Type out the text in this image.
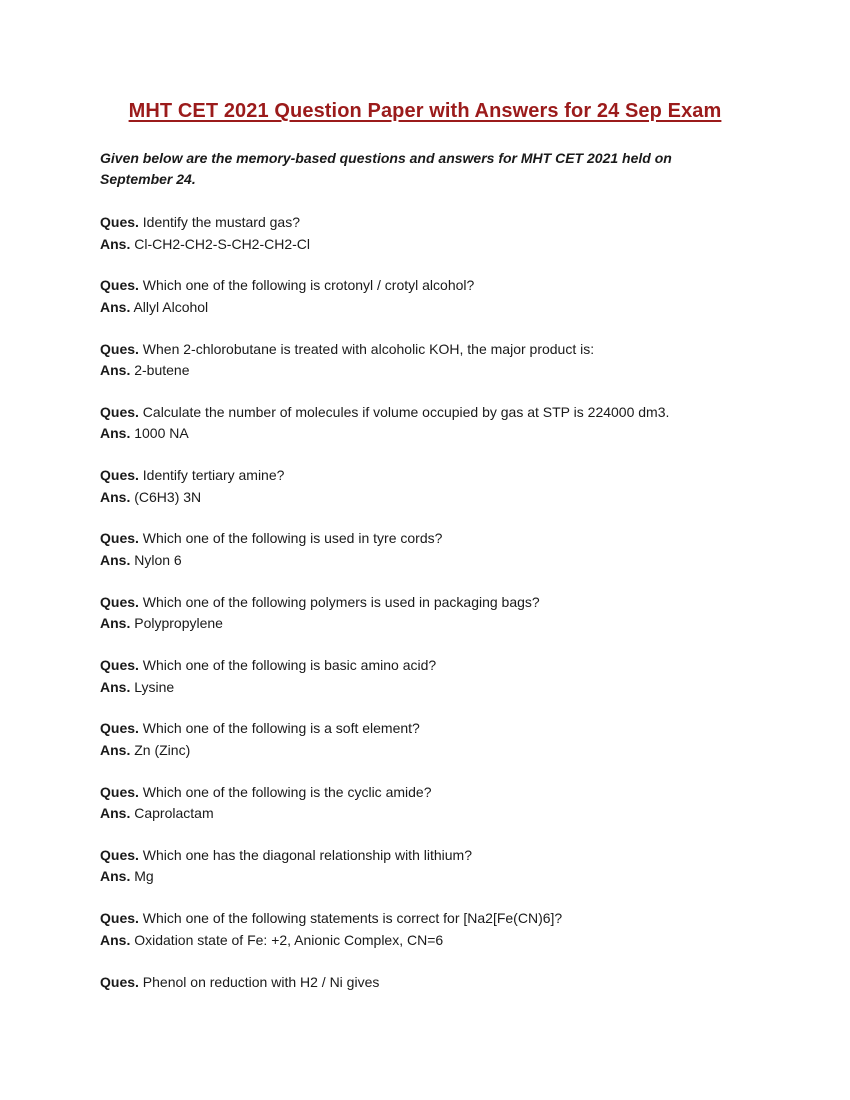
MHT CET 2021 Question Paper with Answers for 24 Sep Exam
Given below are the memory-based questions and answers for MHT CET 2021 held on September 24.
Ques. Identify the mustard gas?
Ans. Cl-CH2-CH2-S-CH2-CH2-Cl
Ques. Which one of the following is crotonyl / crotyl alcohol?
Ans. Allyl Alcohol
Ques. When 2-chlorobutane is treated with alcoholic KOH, the major product is:
Ans. 2-butene
Ques. Calculate the number of molecules if volume occupied by gas at STP is 224000 dm3.
Ans. 1000 NA
Ques. Identify tertiary amine?
Ans. (C6H3) 3N
Ques. Which one of the following is used in tyre cords?
Ans. Nylon 6
Ques. Which one of the following polymers is used in packaging bags?
Ans. Polypropylene
Ques. Which one of the following is basic amino acid?
Ans. Lysine
Ques. Which one of the following is a soft element?
Ans. Zn (Zinc)
Ques. Which one of the following is the cyclic amide?
Ans. Caprolactam
Ques. Which one has the diagonal relationship with lithium?
Ans. Mg
Ques. Which one of the following statements is correct for [Na2[Fe(CN)6]?
Ans. Oxidation state of Fe: +2, Anionic Complex, CN=6
Ques. Phenol on reduction with H2 / Ni gives
